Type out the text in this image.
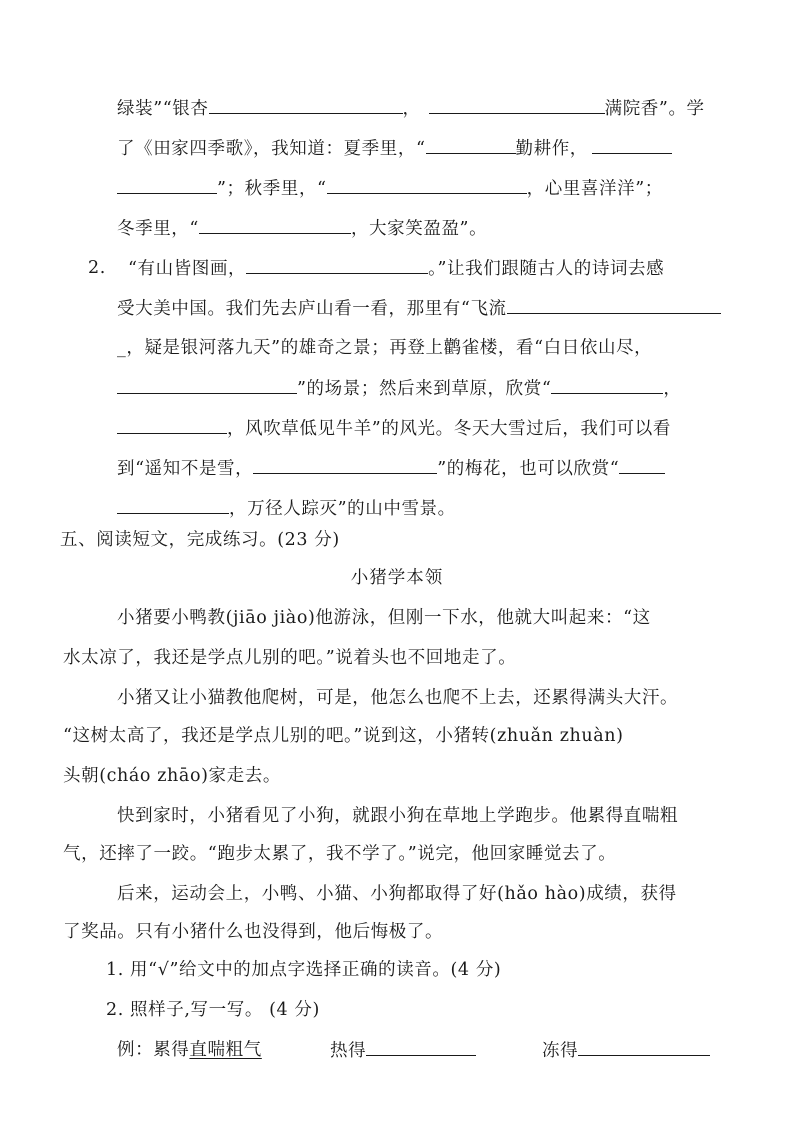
绿装”“银杏	，	满院香”。学
了《田家四季歌》，我知道：夏季里，“	勤耕作，
”；秋季里，“	，心里喜洋洋”；
冬季里，“	，大家笑盈盈”。
2. “有山皆图画，	。”让我们跟随古人的诗词去感
受大美中国。我们先去庐山看一看，那里有“飞流
_，疑是银河落九天”的雄奇之景；再登上鹳雀楼，看“白日依山尽，
”的场景；然后来到草原，欣赏“	，
，风吹草低见牛羊”的风光。冬天大雪过后，我们可以看
到“遥知不是雪，	”的梅花，也可以欣赏“
，万径人踪灭”的山中雪景。
五、阅读短文，完成练习。(23 分)
小猪学本领
小猪要小鸭教(jiāo jiào)他游泳，但刚一下水，他就大叫起来：“这
水太凉了，我还是学点儿别的吧。”说着头也不回地走了。
小猪又让小猫教他爬树，可是，他怎么也爬不上去，还累得满头大汗。
“这树太高了，我还是学点儿别的吧。”说到这，小猪转(zhuǎn zhuàn)
头朝(cháo zhāo)家走去。
快到家时，小猪看见了小狗，就跟小狗在草地上学跑步。他累得直喘粗
气，还摔了一跤。“跑步太累了，我不学了。”说完，他回家睡觉去了。
后来，运动会上，小鸭、小猫、小狗都取得了好(hǎo hào)成绩，获得
了奖品。只有小猪什么也没得到，他后悔极了。
1. 用“√”给文中的加点字选择正确的读音。(4 分)
2. 照样子,写一写。 (4 分)
例：累得直喘粗气	热得	冻得
